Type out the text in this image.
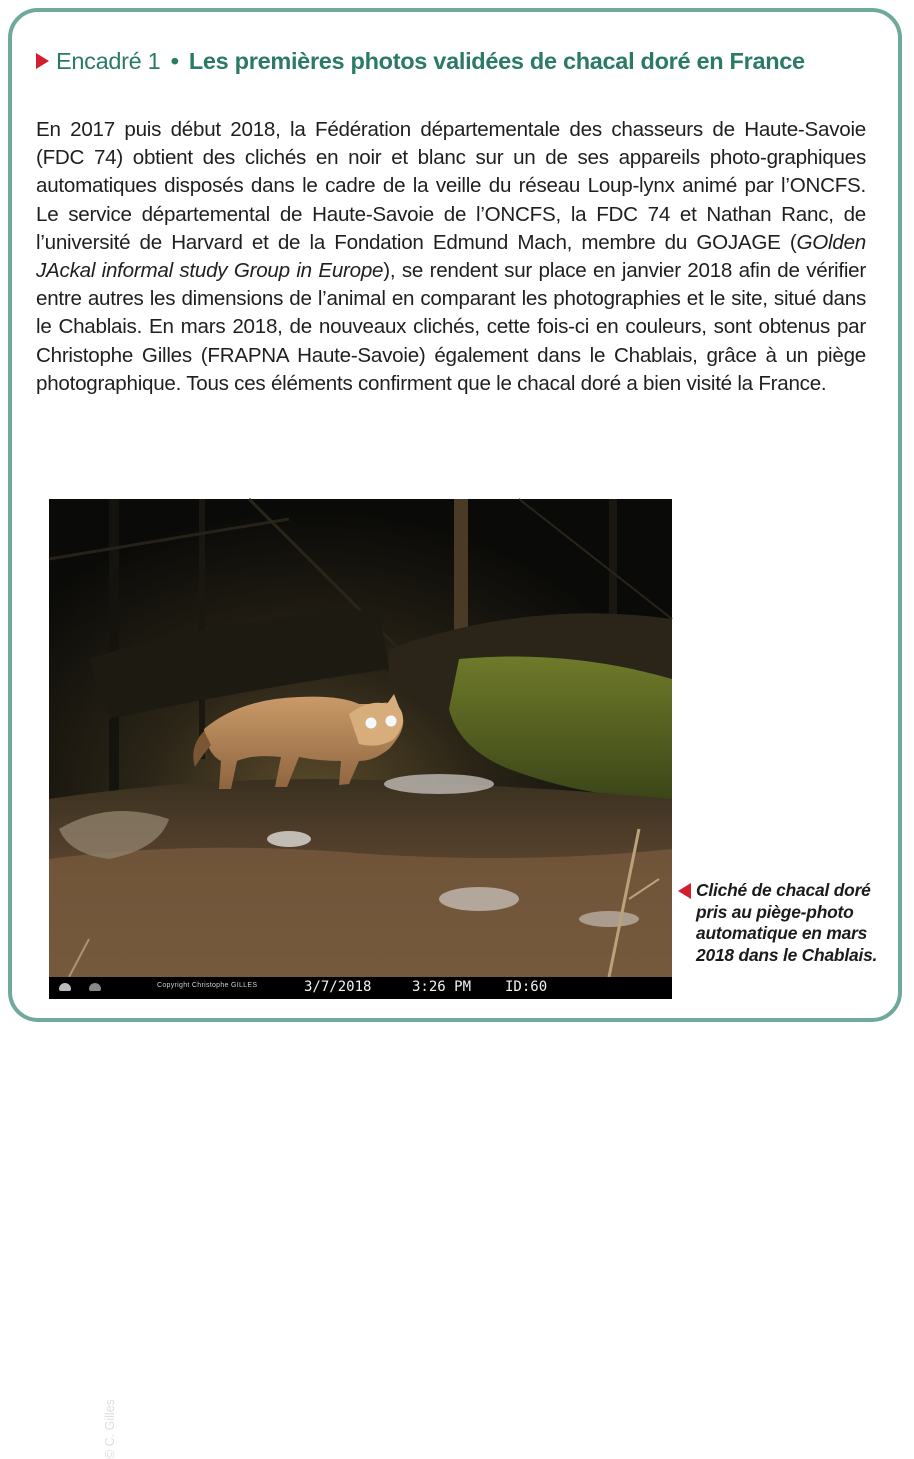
Encadré 1 • Les premières photos validées de chacal doré en France
En 2017 puis début 2018, la Fédération départementale des chasseurs de Haute-Savoie (FDC 74) obtient des clichés en noir et blanc sur un de ses appareils photo-graphiques automatiques disposés dans le cadre de la veille du réseau Loup-lynx animé par l’ONCFS. Le service départemental de Haute-Savoie de l’ONCFS, la FDC 74 et Nathan Ranc, de l’université de Harvard et de la Fondation Edmund Mach, membre du GOJAGE (GOlden JAckal informal study Group in Europe), se rendent sur place en janvier 2018 afin de vérifier entre autres les dimensions de l’animal en comparant les photographies et le site, situé dans le Chablais. En mars 2018, de nouveaux clichés, cette fois-ci en couleurs, sont obtenus par Christophe Gilles (FRAPNA Haute-Savoie) également dans le Chablais, grâce à un piège photographique. Tous ces éléments confirment que le chacal doré a bien visité la France.
© C. Gilles
Copyright Christophe GILLES	3/7/2018	3:26 PM ID:60
Cliché de chacal doré pris au piège-photo automatique en mars 2018 dans le Chablais.
